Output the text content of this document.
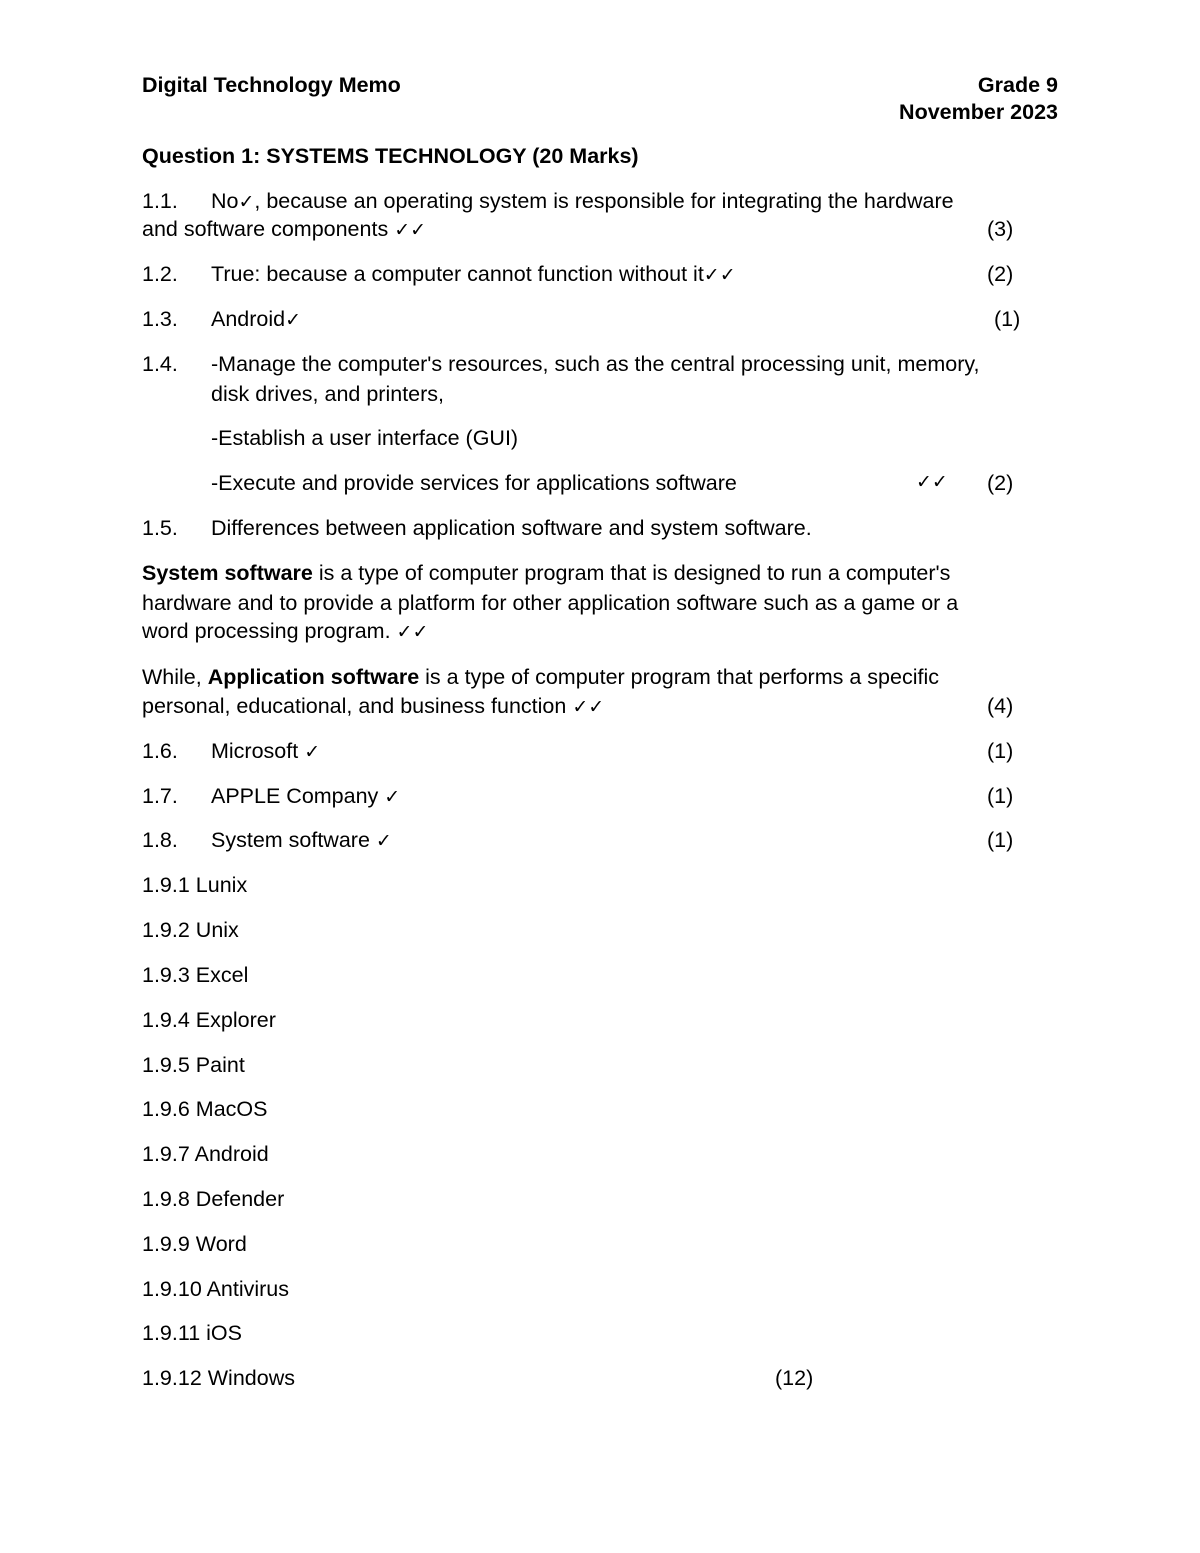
Digital Technology Memo	Grade 9
November 2023
Question 1: SYSTEMS TECHNOLOGY (20 Marks)
1.1. No✓, because an operating system is responsible for integrating the hardware
and software components ✓✓	(3)
1.2. True: because a computer cannot function without it✓✓	(2)
1.3. Android✓	(1)
1.4. -Manage the computer's resources, such as the central processing unit, memory,
disk drives, and printers,
-Establish a user interface (GUI)
-Execute and provide services for applications software	✓✓ (2)
1.5. Differences between application software and system software.
System software is a type of computer program that is designed to run a computer's
hardware and to provide a platform for other application software such as a game or a
word processing program. ✓✓
While, Application software is a type of computer program that performs a specific
personal, educational, and business function ✓✓	(4)
1.6. Microsoft ✓	(1)
1.7. APPLE Company ✓	(1)
1.8. System software ✓	(1)
1.9.1 Lunix
1.9.2 Unix
1.9.3 Excel
1.9.4 Explorer
1.9.5 Paint
1.9.6 MacOS
1.9.7 Android
1.9.8 Defender
1.9.9 Word
1.9.10 Antivirus
1.9.11 iOS
1.9.12 Windows	(12)
